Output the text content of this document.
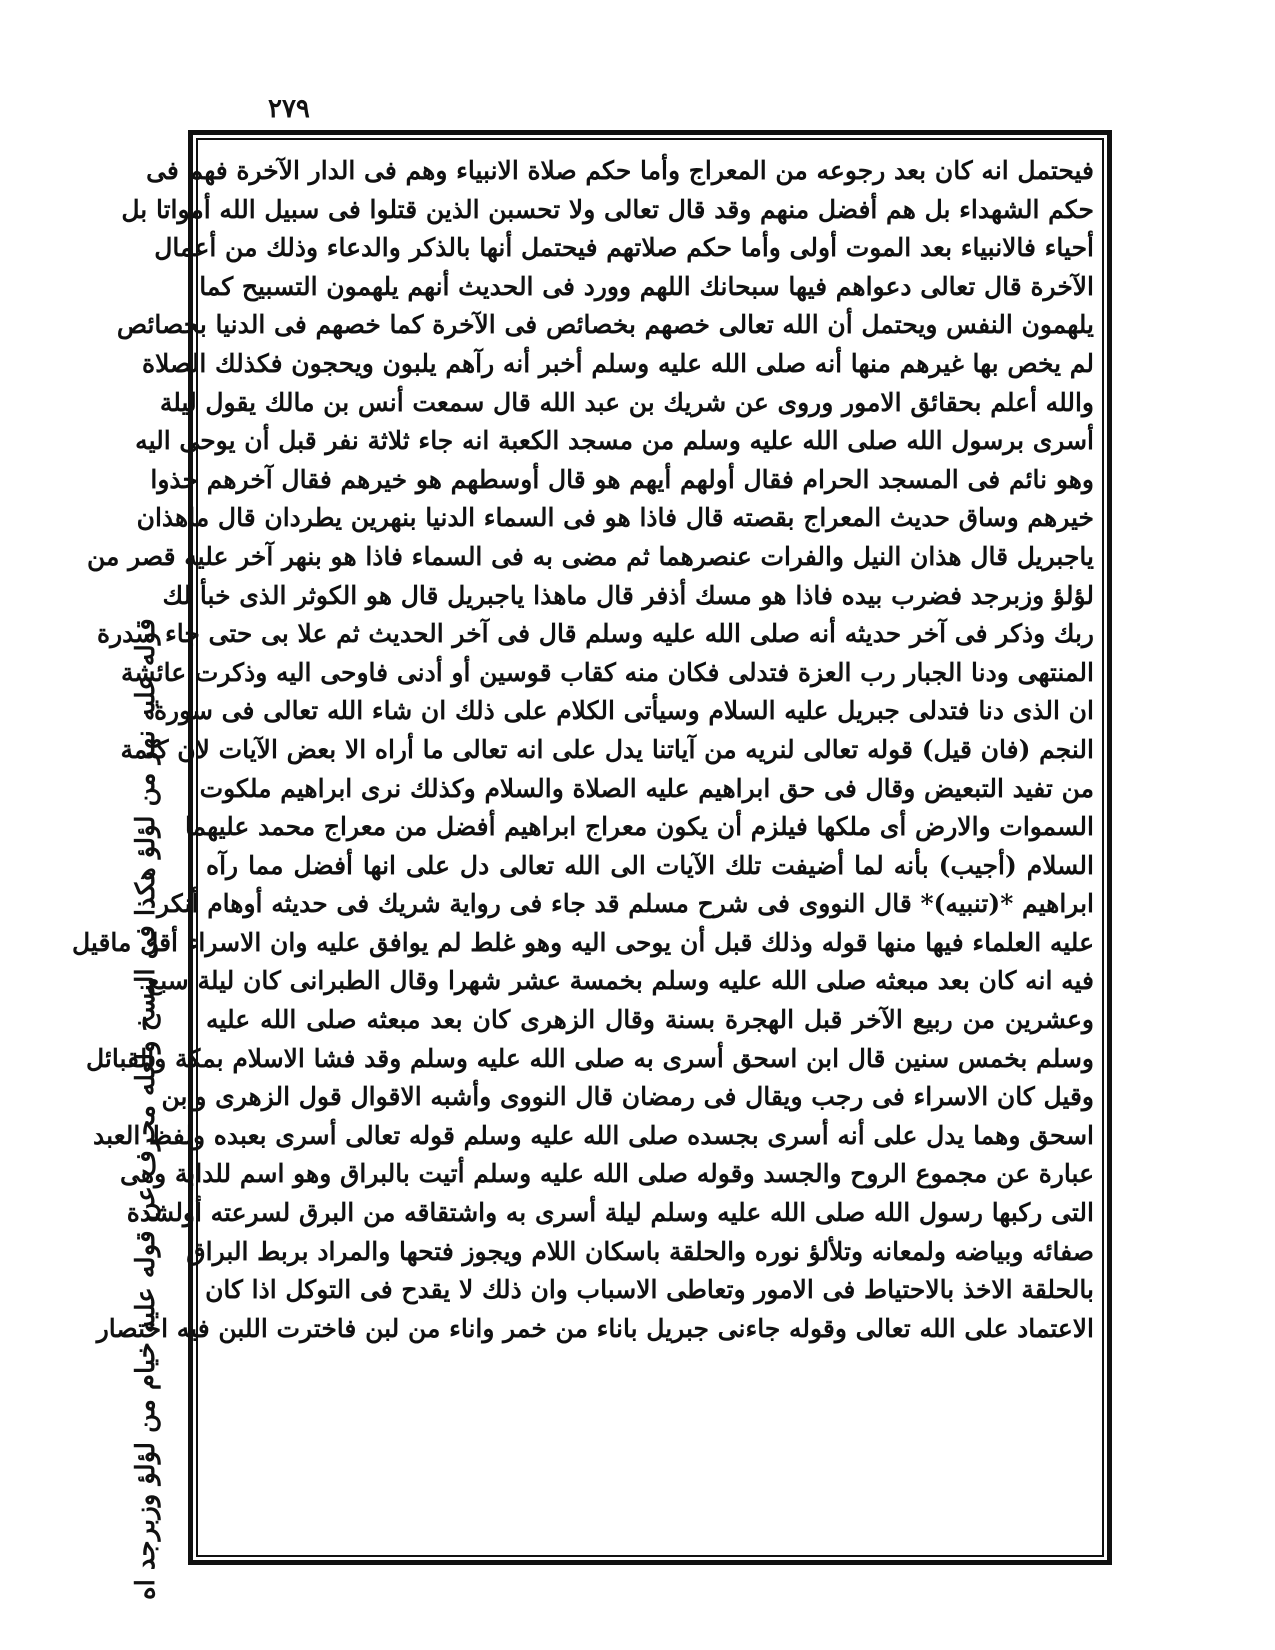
٢٧٩
فيحتمل انه كان بعد رجوعه من المعراج وأما حكم صلاة الانبياء وهم فى الدار الآخرة فهم فى
حكم الشهداء بل هم أفضل منهم وقد قال تعالى ولا تحسبن الذين قتلوا فى سبيل الله أمواتا بل
أحياء فالانبياء بعد الموت أولى وأما حكم صلاتهم فيحتمل أنها بالذكر والدعاء وذلك من أعمال
الآخرة قال تعالى دعواهم فيها سبحانك اللهم وورد فى الحديث أنهم يلهمون التسبيح كما
يلهمون النفس ويحتمل أن الله تعالى خصهم بخصائص فى الآخرة كما خصهم فى الدنيا بخصائص
لم يخص بها غيرهم منها أنه صلى الله عليه وسلم أخبر أنه رآهم يلبون ويحجون فكذلك الصلاة
والله أعلم بحقائق الامور وروى عن شريك بن عبد الله قال سمعت أنس بن مالك يقول ليلة
أسرى برسول الله صلى الله عليه وسلم من مسجد الكعبة انه جاء ثلاثة نفر قبل أن يوحى اليه
وهو نائم فى المسجد الحرام فقال أولهم أيهم هو قال أوسطهم هو خيرهم فقال آخرهم خذوا
خيرهم وساق حديث المعراج بقصته قال فاذا هو فى السماء الدنيا بنهرين يطردان قال ماهذان
ياجبريل قال هذان النيل والفرات عنصرهما ثم مضى به فى السماء فاذا هو بنهر آخر عليه قصر من
لؤلؤ وزبرجد فضرب بيده فاذا هو مسك أذفر قال ماهذا ياجبريل قال هو الكوثر الذى خبأ لك
ربك وذكر فى آخر حديثه أنه صلى الله عليه وسلم قال فى آخر الحديث ثم علا بى حتى جاء سدرة
المنتهى ودنا الجبار رب العزة فتدلى فكان منه كقاب قوسين أو أدنى فاوحى اليه وذكرت عائشة
ان الذى دنا فتدلى جبريل عليه السلام وسيأتى الكلام على ذلك ان شاء الله تعالى فى سورة
النجم (فان قيل) قوله تعالى لنريه من آياتنا يدل على انه تعالى ما أراه الا بعض الآيات لان كلمة
من تفيد التبعيض وقال فى حق ابراهيم عليه الصلاة والسلام وكذلك نرى ابراهيم ملكوت
السموات والارض أى ملكها فيلزم أن يكون معراج ابراهيم أفضل من معراج محمد عليهما
السلام (أجيب) بأنه لما أضيفت تلك الآيات الى الله تعالى دل على انها أفضل مما رآه
ابراهيم *(تنبيه)* قال النووى فى شرح مسلم قد جاء فى رواية شريك فى حديثه أوهام أنكر
عليه العلماء فيها منها قوله وذلك قبل أن يوحى اليه وهو غلط لم يوافق عليه وان الاسراء أقل ماقيل
فيه انه كان بعد مبعثه صلى الله عليه وسلم بخمسة عشر شهرا وقال الطبرانى كان ليلة سبع
وعشرين من ربيع الآخر قبل الهجرة بسنة وقال الزهرى كان بعد مبعثه صلى الله عليه
وسلم بخمس سنين قال ابن اسحق أسرى به صلى الله عليه وسلم وقد فشا الاسلام بمكة والقبائل
وقيل كان الاسراء فى رجب ويقال فى رمضان قال النووى وأشبه الاقوال قول الزهرى وابن
اسحق وهما يدل على أنه أسرى بجسده صلى الله عليه وسلم قوله تعالى أسرى بعبده ولفظ العبد
عبارة عن مجموع الروح والجسد وقوله صلى الله عليه وسلم أتيت بالبراق وهو اسم للدابة وهى
التى ركبها رسول الله صلى الله عليه وسلم ليلة أسرى به واشتقاقه من البرق لسرعته أولشدة
صفائه وبياضه ولمعانه وتلألؤ نوره والحلقة باسكان اللام ويجوز فتحها والمراد بربط البراق
بالحلقة الاخذ بالاحتياط فى الامور وتعاطى الاسباب وان ذلك لا يقدح فى التوكل اذا كان
الاعتماد على الله تعالى وقوله جاءنى جبريل باناء من خمر واناء من لبن فاخترت اللبن فيه اختصار
قوله عليه نهر من لؤلؤ هكذا فى النسخ ولعله محرف عن قوله عليه خيام من لؤلؤ وزبرجد اه
